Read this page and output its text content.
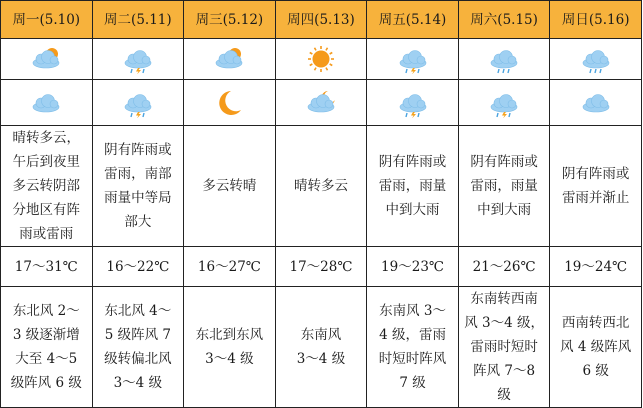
周一(5.10)	周二(5.11)	周三(5.12)	周四(5.13)	周五(5.14)	周六(5.15)	周日(5.16)

晴转多云，
午后到夜里
多云转阴部
分地区有阵
雨或雷雨	阴有阵雨或
雷雨，南部
雨量中等局
部大	多云转晴	晴转多云	阴有阵雨或
雷雨，雨量
中到大雨	阴有阵雨或
雷雨，雨量
中到大雨	阴有阵雨或
雷雨并渐止
17～31℃	16～22℃	16～27℃	17～28℃	19～23℃	21～26℃	19～24℃
东北风 2～
3 级逐渐增
大至 4～5
级阵风 6 级	东北风 4～
5 级阵风 7
级转偏北风
3～4 级	东北到东风
3～4 级	东南风
3～4 级	东南风 3～
4 级，雷雨
时短时阵风
7 级	东南转西南
风 3～4 级，
雷雨时短时
阵风 7～8
级	西南转西北
风 4 级阵风
6 级
